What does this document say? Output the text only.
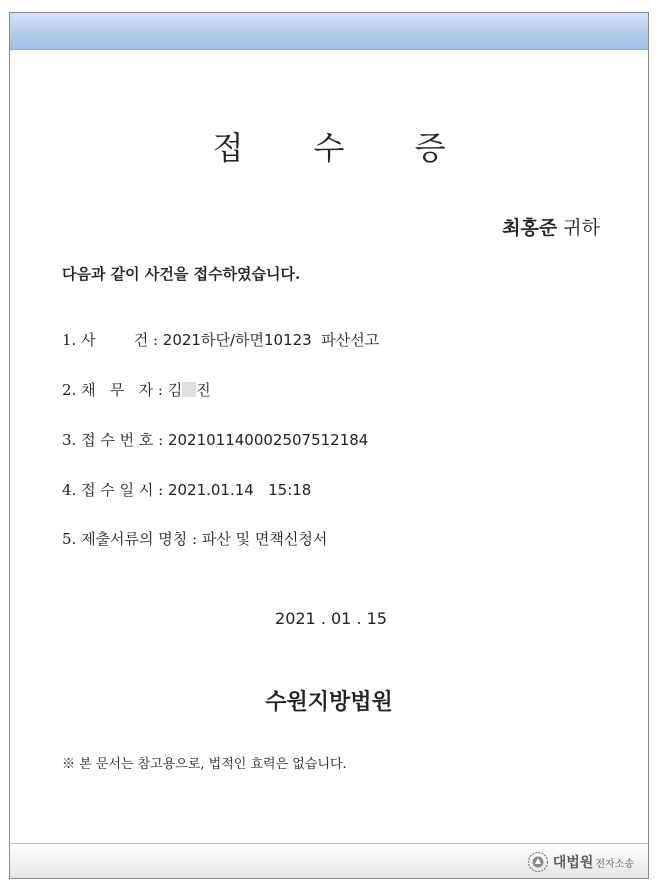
접 수 증
최홍준 귀하
다음과 같이 사건을 접수하였습니다.
1. 사        건 : 2021하단/하면10123  파산선고
2. 채   무   자 : 김 진
3. 접 수 번 호 : 202101140002507512184
4. 접 수 일 시 : 2021.01.14   15:18
5. 제출서류의 명칭 : 파산 및 면책신청서
2021 . 01 . 15
수원지방법원
※ 본 문서는 참고용으로, 법적인 효력은 없습니다.
대법원 전자소송
